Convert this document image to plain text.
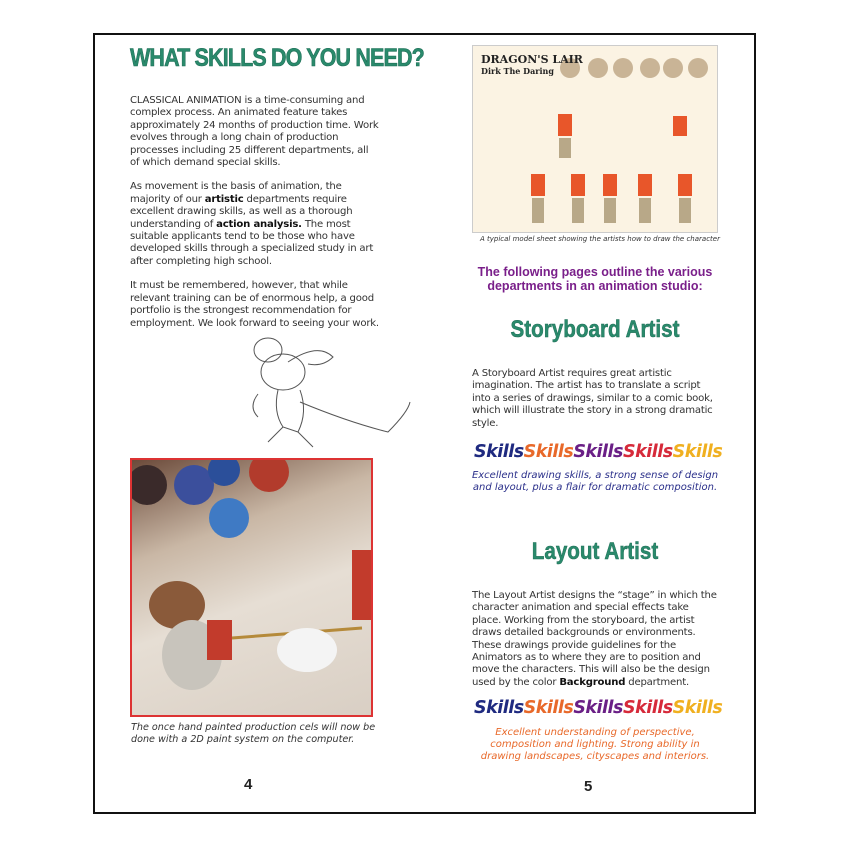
WHAT SKILLS DO YOU NEED?

CLASSICAL ANIMATION is a time-consuming and complex process. An animated feature takes approximately 24 months of production time. Work evolves through a long chain of production processes including 25 different departments, all of which demand special skills.

As movement is the basis of animation, the majority of our artistic departments require excellent drawing skills, as well as a thorough understanding of action analysis. The most suitable applicants tend to be those who have developed skills through a specialized study in art after completing high school.

It must be remembered, however, that while relevant training can be of enormous help, a good portfolio is the strongest recommendation for employment. We look forward to seeing your work.

The once hand painted production cels will now be done with a 2D paint system on the computer.
4
DRAGON'S LAIR
Dirk The Daring
A typical model sheet showing the artists how to draw the character
The following pages outline the various departments in an animation studio:
Storyboard Artist
A Storyboard Artist requires great artistic imagination. The artist has to translate a script into a series of drawings, similar to a comic book, which will illustrate the story in a strong dramatic style.
SkillsSkillsSkillsSkillsSkills
Excellent drawing skills, a strong sense of design and layout, plus a flair for dramatic composition.
Layout Artist
The Layout Artist designs the “stage” in which the character animation and special effects take place. Working from the storyboard, the artist draws detailed backgrounds or environments. These drawings provide guidelines for the Animators as to where they are to position and move the characters. This will also be the design used by the color Background department.
SkillsSkillsSkillsSkillsSkills
Excellent understanding of perspective, composition and lighting. Strong ability in drawing landscapes, cityscapes and interiors.
5
